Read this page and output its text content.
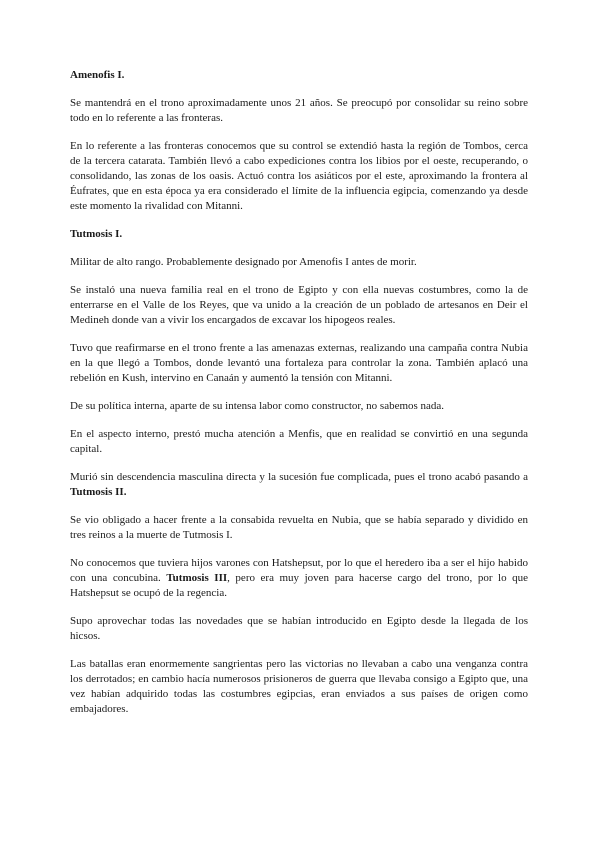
Amenofis I.

Se mantendrá en el trono aproximadamente unos 21 años. Se preocupó por consolidar su reino sobre todo en lo referente a las fronteras.

En lo referente a las fronteras conocemos que su control se extendió hasta la región de Tombos, cerca de la tercera catarata. También llevó a cabo expediciones contra los libios por el oeste, recuperando, o consolidando, las zonas de los oasis. Actuó contra los asiáticos por el este, aproximando la frontera al Éufrates, que en esta época ya era considerado el límite de la influencia egipcia, comenzando ya desde este momento la rivalidad con Mitanni.

Tutmosis I.

Militar de alto rango. Probablemente designado por Amenofis I antes de morir.

Se instaló una nueva familia real en el trono de Egipto y con ella nuevas costumbres, como la de enterrarse en el Valle de los Reyes, que va unido a la creación de un poblado de artesanos en Deir el Medineh donde van a vivir los encargados de excavar los hipogeos reales.

Tuvo que reafirmarse en el trono frente a las amenazas externas, realizando una campaña contra Nubia en la que llegó a Tombos, donde levantó una fortaleza para controlar la zona. También aplacó una rebelión en Kush, intervino en Canaán y aumentó la tensión con Mitanni.

De su política interna, aparte de su intensa labor como constructor, no sabemos nada.

En el aspecto interno, prestó mucha atención a Menfis, que en realidad se convirtió en una segunda capital.

Murió sin descendencia masculina directa y la sucesión fue complicada, pues el trono acabó pasando a Tutmosis II.

Se vio obligado a hacer frente a la consabida revuelta en Nubia, que se había separado y dividido en tres reinos a la muerte de Tutmosis I.

No conocemos que tuviera hijos varones con Hatshepsut, por lo que el heredero iba a ser el hijo habido con una concubina. Tutmosis III, pero era muy joven para hacerse cargo del trono, por lo que Hatshepsut se ocupó de la regencia.

Supo aprovechar todas las novedades que se habían introducido en Egipto desde la llegada de los hicsos.

Las batallas eran enormemente sangrientas pero las victorias no llevaban a cabo una venganza contra los derrotados; en cambio hacía numerosos prisioneros de guerra que llevaba consigo a Egipto que, una vez habían adquirido todas las costumbres egipcias, eran enviados a sus países de origen como embajadores.
